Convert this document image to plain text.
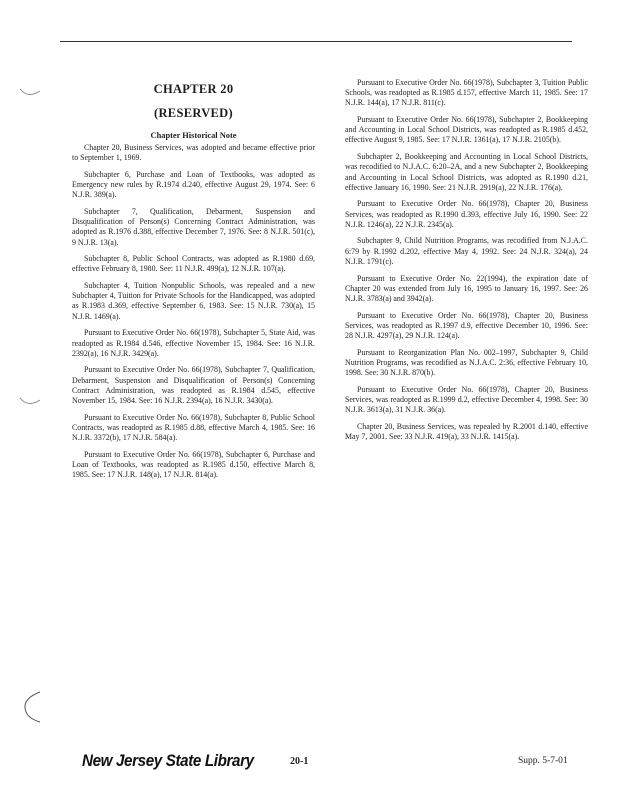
CHAPTER 20
(RESERVED)
Chapter Historical Note

Chapter 20, Business Services, was adopted and became effective prior to September 1, 1969.

Subchapter 6, Purchase and Loan of Textbooks, was adopted as Emergency new rules by R.1974 d.240, effective August 29, 1974. See: 6 N.J.R. 389(a).

Subchapter 7, Qualification, Debarment, Suspension and Disqualification of Person(s) Concerning Contract Administration, was adopted as R.1976 d.388, effective December 7, 1976. See: 8 N.J.R. 501(c), 9 N.J.R. 13(a).

Subchapter 8, Public School Contracts, was adopted as R.1980 d.69, effective February 8, 1980. See: 11 N.J.R. 499(a), 12 N.J.R. 107(a).

Subchapter 4, Tuition Nonpublic Schools, was repealed and a new Subchapter 4, Tuition for Private Schools for the Handicapped, was adopted as R.1983 d.369, effective September 6, 1983. See: 15 N.J.R. 730(a), 15 N.J.R. 1469(a).

Pursuant to Executive Order No. 66(1978), Subchapter 5, State Aid, was readopted as R.1984 d.546, effective November 15, 1984. See: 16 N.J.R. 2392(a), 16 N.J.R. 3429(a).

Pursuant to Executive Order No. 66(1978), Subchapter 7, Qualification, Debarment, Suspension and Disqualification of Person(s) Concerning Contract Administration, was readopted as R.1984 d.545, effective November 15, 1984. See: 16 N.J.R. 2394(a), 16 N.J.R. 3430(a).

Pursuant to Executive Order No. 66(1978), Subchapter 8, Public School Contracts, was readopted as R.1985 d.88, effective March 4, 1985. See: 16 N.J.R. 3372(b), 17 N.J.R. 584(a).

Pursuant to Executive Order No. 66(1978), Subchapter 6, Purchase and Loan of Textbooks, was readopted as R.1985 d.150, effective March 8, 1985. See: 17 N.J.R. 148(a), 17 N.J.R. 814(a).

Pursuant to Executive Order No. 66(1978), Subchapter 3, Tuition Public Schools, was readopted as R.1985 d.157, effective March 11, 1985. See: 17 N.J.R. 144(a), 17 N.J.R. 811(c).

Pursuant to Executive Order No. 66(1978), Subchapter 2, Bookkeeping and Accounting in Local School Districts, was readopted as R.1985 d.452, effective August 9, 1985. See: 17 N.J.R. 1361(a), 17 N.J.R. 2105(b).

Subchapter 2, Bookkeeping and Accounting in Local School Districts, was recodified to N.J.A.C. 6:20–2A, and a new Subchapter 2, Bookkeeping and Accounting in Local School Districts, was adopted as R.1990 d.21, effective January 16, 1990. See: 21 N.J.R. 2919(a), 22 N.J.R. 176(a).

Pursuant to Executive Order No. 66(1978), Chapter 20, Business Services, was readopted as R.1990 d.393, effective July 16, 1990. See: 22 N.J.R. 1246(a), 22 N.J.R. 2345(a).

Subchapter 9, Child Nutrition Programs, was recodified from N.J.A.C. 6:79 by R.1992 d.202, effective May 4, 1992. See: 24 N.J.R. 324(a), 24 N.J.R. 1791(c).

Pursuant to Executive Order No. 22(1994), the expiration date of Chapter 20 was extended from July 16, 1995 to January 16, 1997. See: 26 N.J.R. 3783(a) and 3942(a).

Pursuant to Executive Order No. 66(1978), Chapter 20, Business Services, was readopted as R.1997 d.9, effective December 10, 1996. See: 28 N.J.R. 4297(a), 29 N.J.R. 124(a).

Pursuant to Reorganization Plan No. 002–1997, Subchapter 9, Child Nutrition Programs, was recodified as N.J.A.C. 2:36, effective February 10, 1998. See: 30 N.J.R. 870(b).

Pursuant to Executive Order No. 66(1978), Chapter 20, Business Services, was readopted as R.1999 d.2, effective December 4, 1998. See: 30 N.J.R. 3613(a), 31 N.J.R. 36(a).

Chapter 20, Business Services, was repealed by R.2001 d.140, effective May 7, 2001. See: 33 N.J.R. 419(a), 33 N.J.R. 1415(a).

New Jersey State Library	20-1	Supp. 5-7-01
